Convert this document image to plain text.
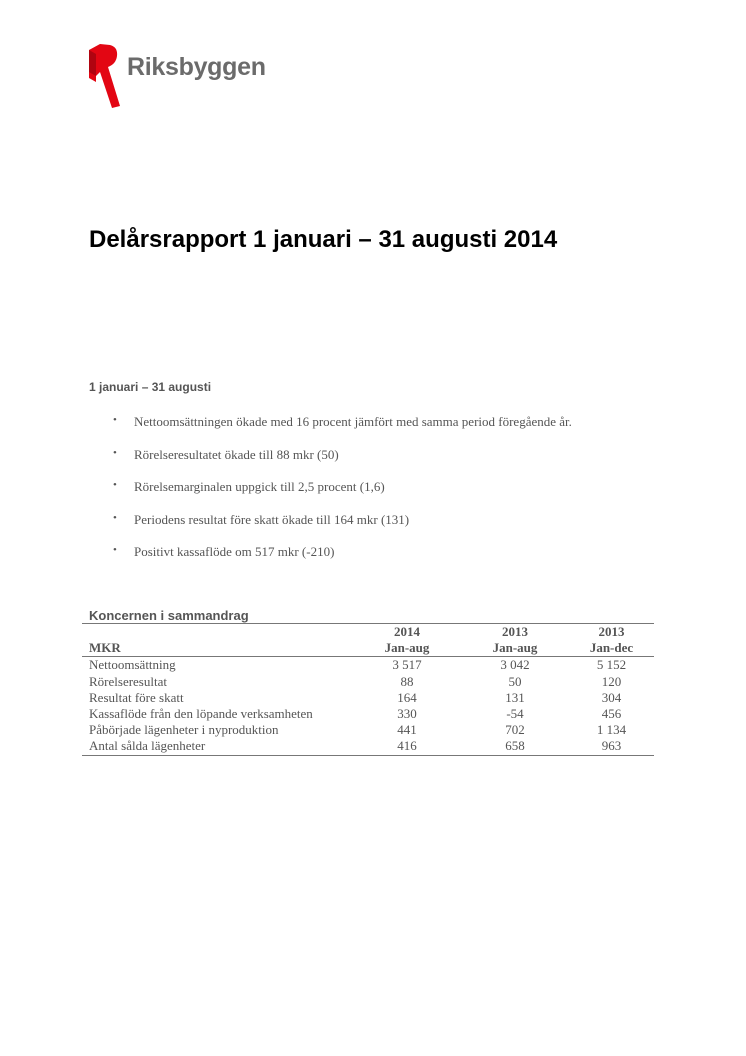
Riksbyggen
Delårsrapport 1 januari – 31 augusti 2014
1 januari – 31 augusti
•	Nettoomsättningen ökade med 16 procent jämfört med samma period föregående år.
•	Rörelseresultatet ökade till 88 mkr (50)
•	Rörelsemarginalen uppgick till 2,5 procent (1,6)
•	Periodens resultat före skatt ökade till 164 mkr (131)
•	Positivt kassaflöde om 517 mkr (-210)
Koncernen i sammandrag
	2014	2013	2013
MKR	Jan-aug	Jan-aug	Jan-dec
Nettoomsättning	3 517	3 042	5 152
Rörelseresultat	88	50	120
Resultat före skatt	164	131	304
Kassaflöde från den löpande verksamheten	330	-54	456
Påbörjade lägenheter i nyproduktion	441	702	1 134
Antal sålda lägenheter	416	658	963
